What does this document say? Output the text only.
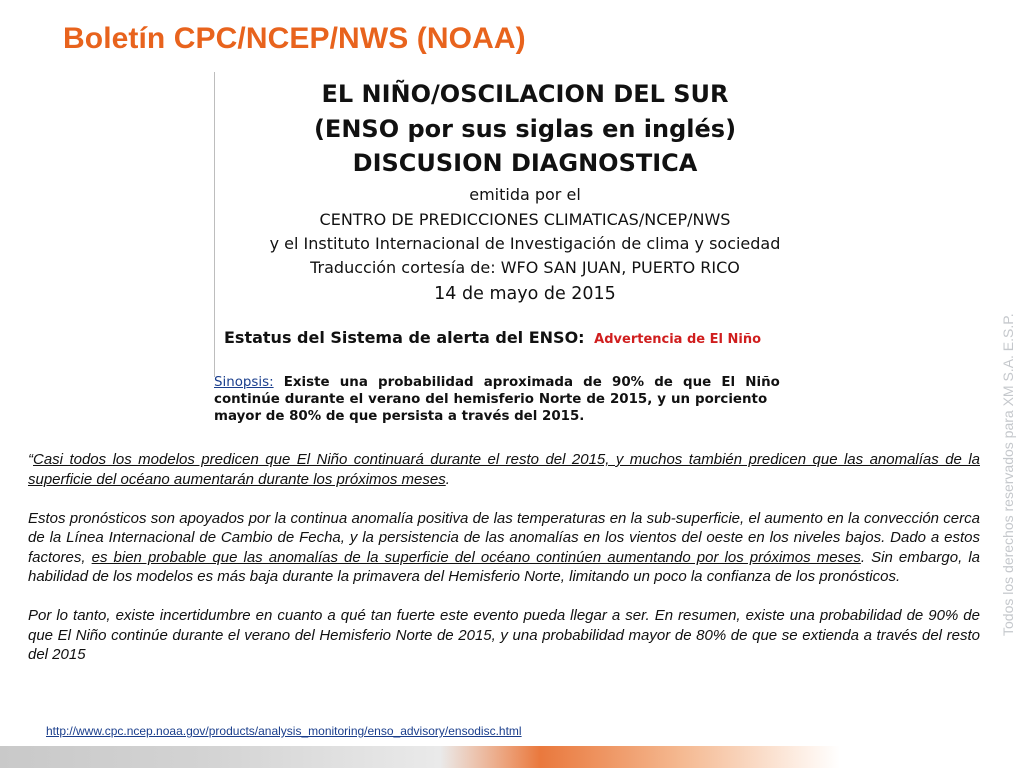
Boletín CPC/NCEP/NWS (NOAA)
EL NIÑO/OSCILACION DEL SUR
(ENSO por sus siglas en inglés)
DISCUSION DIAGNOSTICA
emitida por el
CENTRO DE PREDICCIONES CLIMATICAS/NCEP/NWS
y el Instituto Internacional de Investigación de clima y sociedad
Traducción cortesía de: WFO SAN JUAN, PUERTO RICO
14 de mayo de 2015
Estatus del Sistema de alerta del ENSO: Advertencia de El Niño
Sinopsis: Existe una probabilidad aproximada de 90% de que El Niño
continúe durante el verano del hemisferio Norte de 2015, y un porciento
mayor de 80% de que persista a través del 2015.

“Casi todos los modelos predicen que El Niño continuará durante el resto del 2015, y muchos también predicen que las anomalías de la superficie del océano aumentarán durante los próximos meses.

Estos pronósticos son apoyados por la continua anomalía positiva de las temperaturas en la sub-superficie, el aumento en la convección cerca de la Línea Internacional de Cambio de Fecha, y la persistencia de las anomalías en los vientos del oeste en los niveles bajos. Dado a estos factores, es bien probable que las anomalías de la superficie del océano continúen aumentando por los próximos meses. Sin embargo, la habilidad de los modelos es más baja durante la primavera del Hemisferio Norte, limitando un poco la confianza de los pronósticos.

Por lo tanto, existe incertidumbre en cuanto a qué tan fuerte este evento pueda llegar a ser. En resumen, existe una probabilidad de 90% de que El Niño continúe durante el verano del Hemisferio Norte de 2015, y una probabilidad mayor de 80% de que se extienda a través del resto del 2015

http://www.cpc.ncep.noaa.gov/products/analysis_monitoring/enso_advisory/ensodisc.html
Todos los derechos reservados para XM S.A. E.S.P.
